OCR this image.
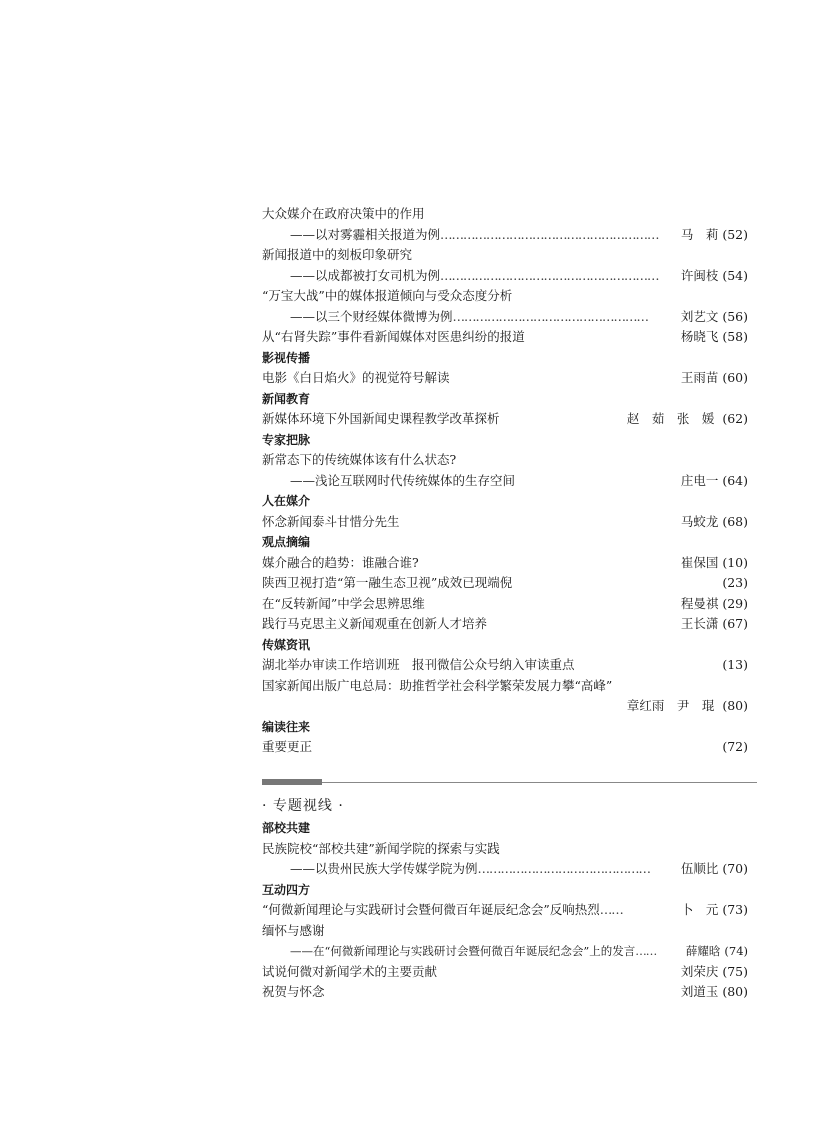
大众媒介在政府决策中的作用
——以对雾霾相关报道为例………………………………………………… 马　莉 (52)
新闻报道中的刻板印象研究
——以成都被打女司机为例………………………………………………… 许闽枝 (54)
“万宝大战”中的媒体报道倾向与受众态度分析
——以三个财经媒体微博为例……………………………………………	刘艺文 (56)
从“右肾失踪”事件看新闻媒体对医患纠纷的报道	杨晓飞 (58)
影视传播
电影《白日焰火》的视觉符号解读	王雨苗 (60)
新闻教育
新媒体环境下外国新闻史课程教学改革探析	赵　茹　张　媛 (62)
专家把脉
新常态下的传统媒体该有什么状态?
——浅论互联网时代传统媒体的生存空间	庄电一 (64)
人在媒介
怀念新闻泰斗甘惜分先生	马蛟龙 (68)
观点摘编
媒介融合的趋势：谁融合谁?	崔保国 (10)
陕西卫视打造“第一融生态卫视”成效已现端倪	(23)
在“反转新闻”中学会思辨思维	程曼祺 (29)
践行马克思主义新闻观重在创新人才培养	王长潇 (67)
传媒资讯
湖北举办审读工作培训班　报刊微信公众号纳入审读重点	(13)
国家新闻出版广电总局：助推哲学社会科学繁荣发展力攀“高峰”
章红雨　尹　琨 (80)
编读往来
重要更正	(72)
· 专题视线 ·
部校共建
民族院校“部校共建”新闻学院的探索与实践
——以贵州民族大学传媒学院为例……………………………………… 伍顺比 (70)
互动四方
“何微新闻理论与实践研讨会暨何微百年诞辰纪念会”反响热烈……	卜　元 (73)
缅怀与感谢
——在“何微新闻理论与实践研讨会暨何微百年诞辰纪念会”上的发言……	薛耀晗 (74)
试说何微对新闻学术的主要贡献	刘荣庆 (75)
祝贺与怀念	刘道玉 (80)
